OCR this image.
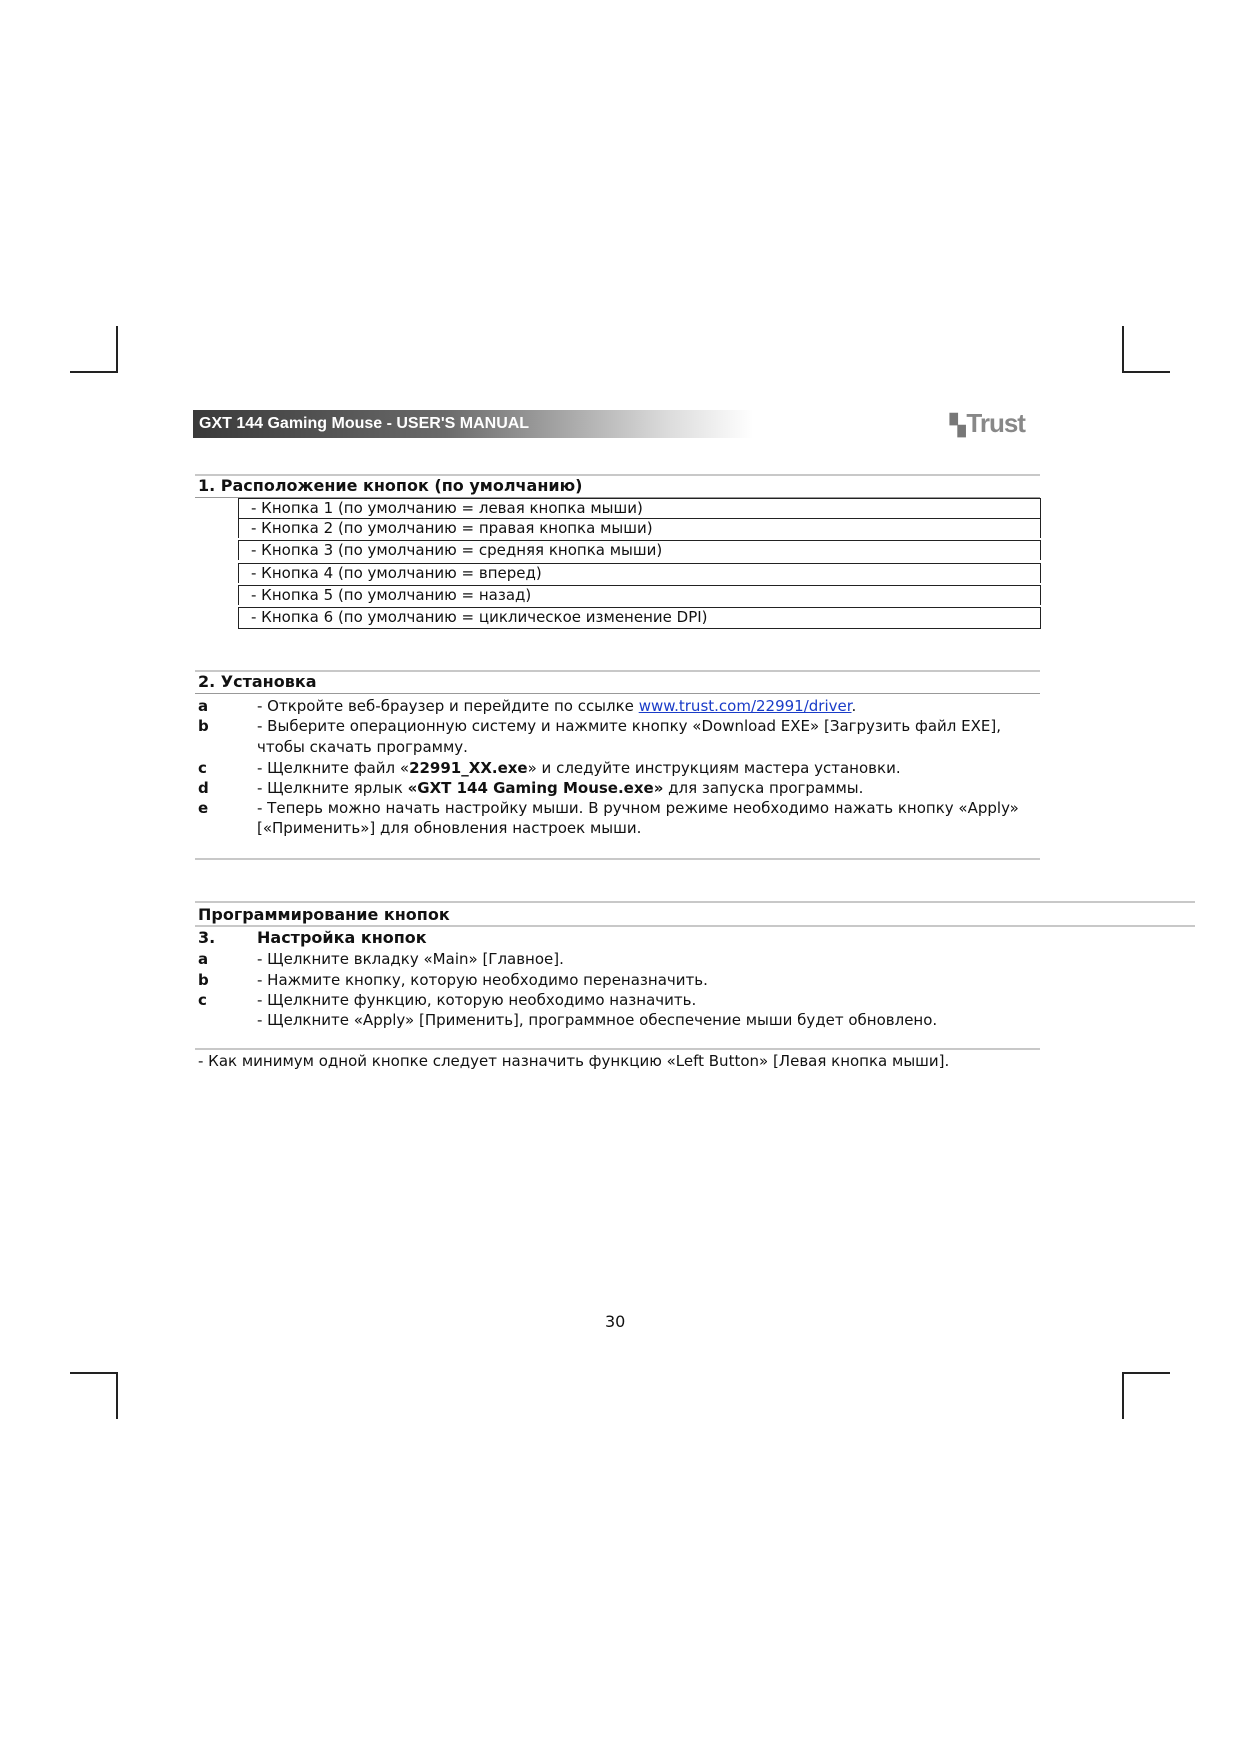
GXT 144 Gaming Mouse - USER'S MANUAL	▚Trust
1. Расположение кнопок (по умолчанию)
- Кнопка 1 (по умолчанию = левая кнопка мыши)
- Кнопка 2 (по умолчанию = правая кнопка мыши)
- Кнопка 3 (по умолчанию = средняя кнопка мыши)
- Кнопка 4 (по умолчанию = вперед)
- Кнопка 5 (по умолчанию = назад)
- Кнопка 6 (по умолчанию = циклическое изменение DPI)
2. Установка
a	- Откройте веб-браузер и перейдите по ссылке www.trust.com/22991/driver.
b	- Выберите операционную систему и нажмите кнопку «Download EXE» [Загрузить файл EXE],
чтобы скачать программу.
c	- Щелкните файл «22991_XX.exe» и следуйте инструкциям мастера установки.
d	- Щелкните ярлык «GXT 144 Gaming Mouse.exe» для запуска программы.
e	- Теперь можно начать настройку мыши. В ручном режиме необходимо нажать кнопку «Apply»
[«Применить»] для обновления настроек мыши.
Программирование кнопок
3.	Настройка кнопок
a	- Щелкните вкладку «Main» [Главное].
b	- Нажмите кнопку, которую необходимо переназначить.
c	- Щелкните функцию, которую необходимо назначить.
- Щелкните «Apply» [Применить], программное обеспечение мыши будет обновлено.
- Как минимум одной кнопке следует назначить функцию «Left Button» [Левая кнопка мыши].
30
